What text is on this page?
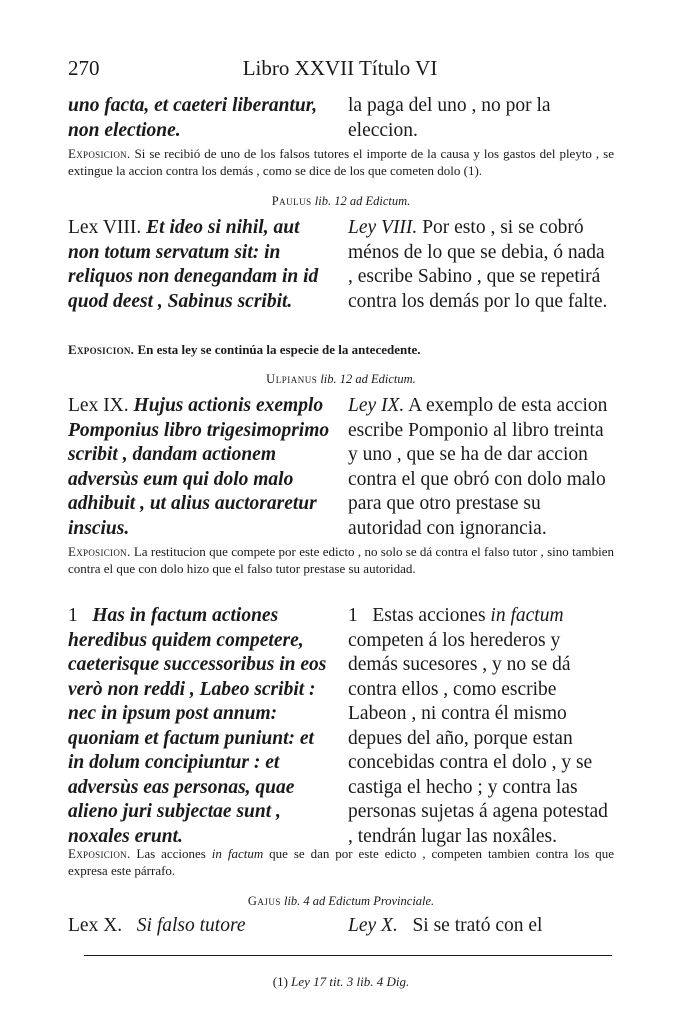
270	Libro XXVII Título VI
uno facta, et caeteri liberantur, non electione.
la paga del uno , no por la eleccion.
Exposicion. Si se recibió de uno de los falsos tutores el importe de la causa y los gastos del pleyto , se extingue la accion contra los demás , como se dice de los que cometen dolo (1).
Paulus lib. 12 ad Edictum.
Lex VIII. Et ideo si nihil, aut non totum servatum sit: in reliquos non denegandam in id quod deest , Sabinus scribit.
Ley VIII. Por esto , si se cobró ménos de lo que se debia, ó nada , escribe Sabino , que se repetirá contra los demás por lo que falte.
Exposicion. En esta ley se continúa la especie de la antecedente.
Ulpianus lib. 12 ad Edictum.
Lex IX. Hujus actionis exemplo Pomponius libro trigesimoprimo scribit , dandam actionem adversùs eum qui dolo malo adhibuit , ut alius auctoraretur inscius.
Ley IX. A exemplo de esta accion escribe Pomponio al libro treinta y uno , que se ha de dar accion contra el que obró con dolo malo para que otro prestase su autoridad con ignorancia.
Exposicion. La restitucion que compete por este edicto , no solo se dá contra el falso tutor , sino tambien contra el que con dolo hizo que el falso tutor prestase su autoridad.
1 Has in factum actiones heredibus quidem competere, caeterisque successoribus in eos verò non reddi , Labeo scribit : nec in ipsum post annum: quoniam et factum puniunt: et in dolum concipiuntur : et adversùs eas personas, quae alieno juri subjectae sunt , noxales erunt.
1 Estas acciones in factum competen á los herederos y demás sucesores , y no se dá contra ellos , como escribe Labeon , ni contra él mismo depues del año, porque estan concebidas contra el dolo , y se castiga el hecho ; y contra las personas sujetas á agena potestad , tendrán lugar las noxâles.
Exposicion. Las acciones in factum que se dan por este edicto , competen tambien contra los que expresa este párrafo.
Gajus lib. 4 ad Edictum Provinciale.
Lex X. Si falso tutore	Ley X. Si se trató con el
(1) Ley 17 tit. 3 lib. 4 Dig.
